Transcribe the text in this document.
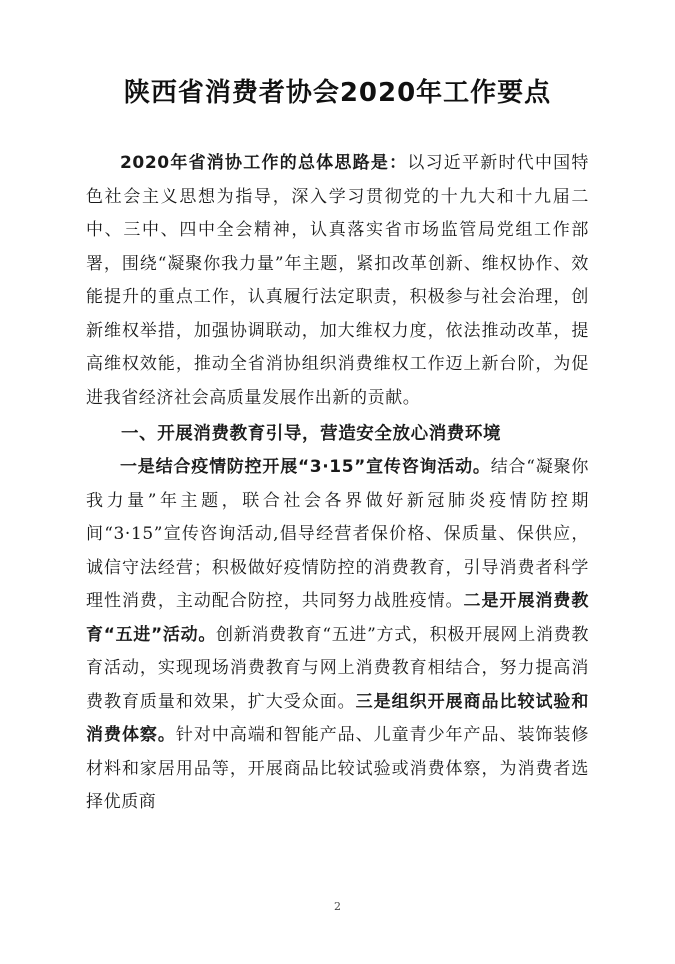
陕西省消费者协会2020年工作要点

2020年省消协工作的总体思路是：以习近平新时代中国特色社会主义思想为指导，深入学习贯彻党的十九大和十九届二中、三中、四中全会精神，认真落实省市场监管局党组工作部署，围绕“凝聚你我力量”年主题，紧扣改革创新、维权协作、效能提升的重点工作，认真履行法定职责，积极参与社会治理，创新维权举措，加强协调联动，加大维权力度，依法推动改革，提高维权效能，推动全省消协组织消费维权工作迈上新台阶，为促进我省经济社会高质量发展作出新的贡献。

一、开展消费教育引导，营造安全放心消费环境

一是结合疫情防控开展“3·15”宣传咨询活动。结合“凝聚你我力量”年主题，联合社会各界做好新冠肺炎疫情防控期间“3·15”宣传咨询活动,倡导经营者保价格、保质量、保供应，诚信守法经营；积极做好疫情防控的消费教育，引导消费者科学理性消费，主动配合防控，共同努力战胜疫情。二是开展消费教育“五进”活动。创新消费教育“五进”方式，积极开展网上消费教育活动，实现现场消费教育与网上消费教育相结合，努力提高消费教育质量和效果，扩大受众面。三是组织开展商品比较试验和消费体察。针对中高端和智能产品、儿童青少年产品、装饰装修材料和家居用品等，开展商品比较试验或消费体察，为消费者选择优质商

2
